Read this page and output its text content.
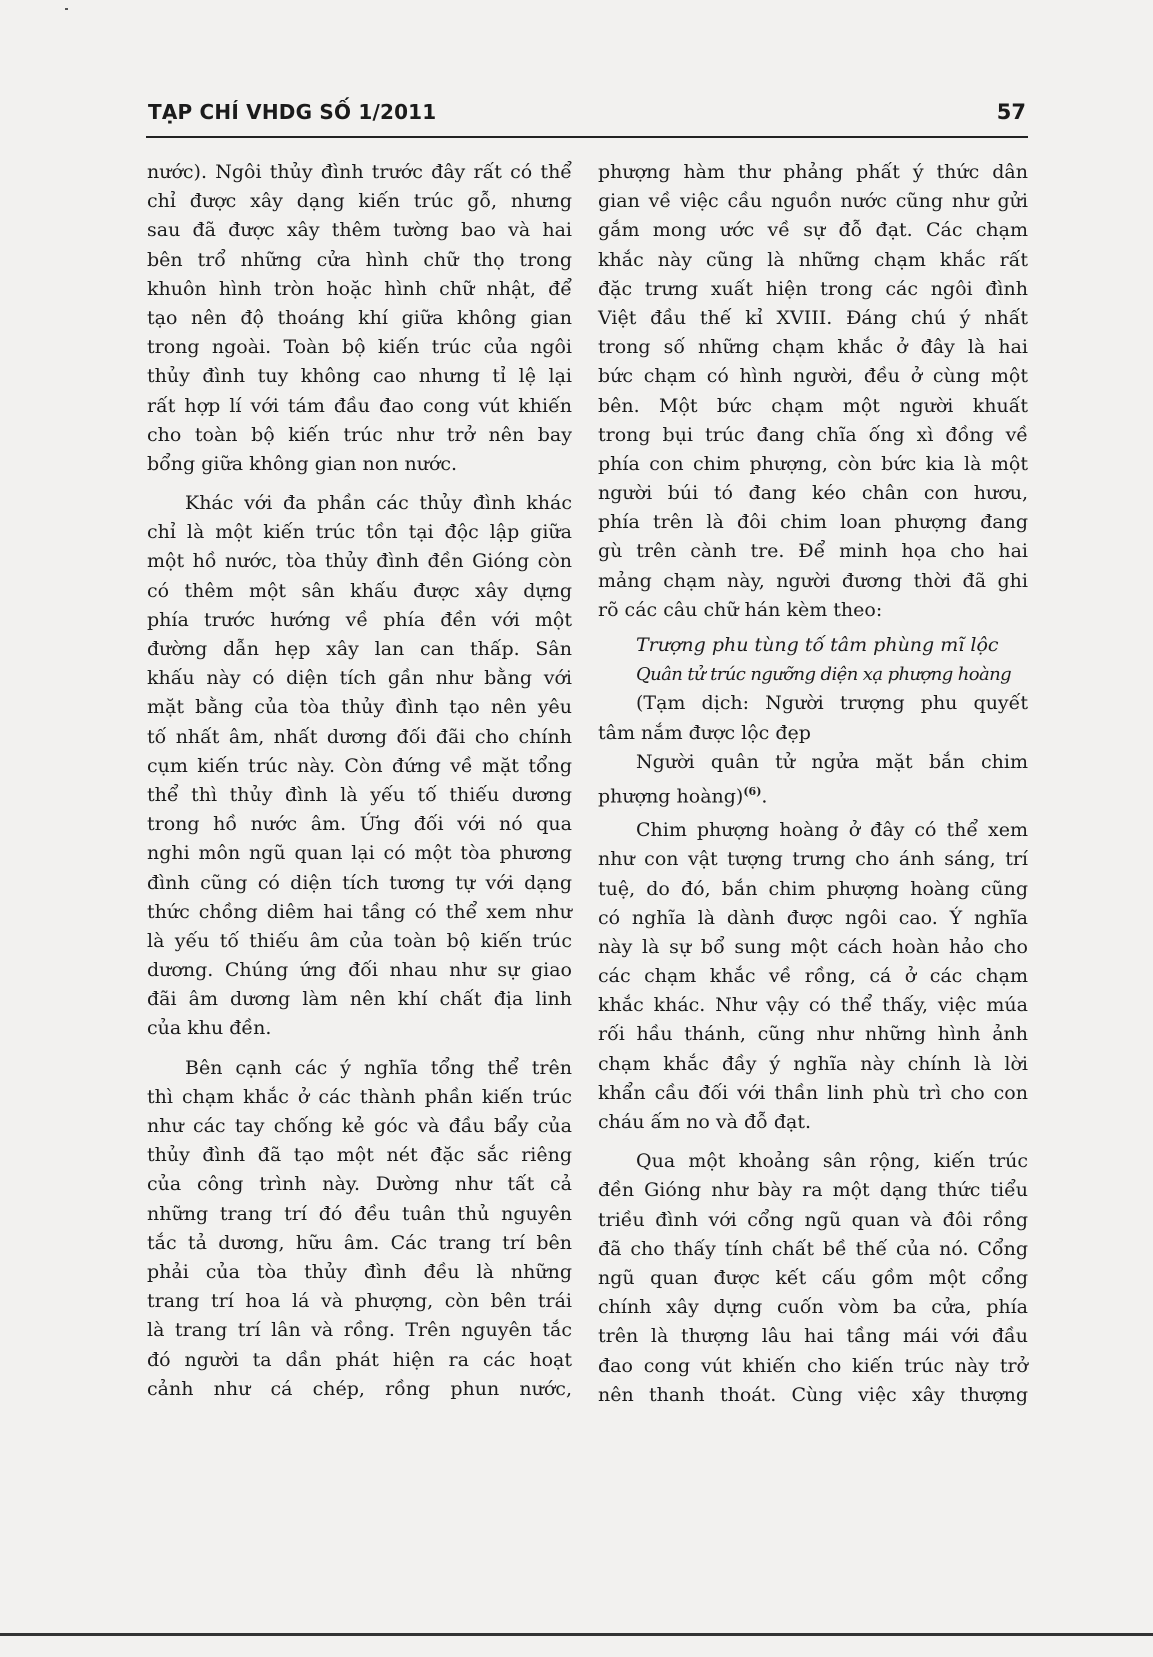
TẠP CHÍ VHDG SỐ 1/2011	57
nước). Ngôi thủy đình trước đây rất có thể
chỉ được xây dạng kiến trúc gỗ, nhưng
sau đã được xây thêm tường bao và hai
bên trổ những cửa hình chữ thọ trong
khuôn hình tròn hoặc hình chữ nhật, để
tạo nên độ thoáng khí giữa không gian
trong ngoài. Toàn bộ kiến trúc của ngôi
thủy đình tuy không cao nhưng tỉ lệ lại
rất hợp lí với tám đầu đao cong vút khiến
cho toàn bộ kiến trúc như trở nên bay
bổng giữa không gian non nước.
Khác với đa phần các thủy đình khác
chỉ là một kiến trúc tồn tại độc lập giữa
một hồ nước, tòa thủy đình đền Gióng còn
có thêm một sân khấu được xây dựng
phía trước hướng về phía đền với một
đường dẫn hẹp xây lan can thấp. Sân
khấu này có diện tích gần như bằng với
mặt bằng của tòa thủy đình tạo nên yêu
tố nhất âm, nhất dương đối đãi cho chính
cụm kiến trúc này. Còn đứng về mặt tổng
thể thì thủy đình là yếu tố thiếu dương
trong hồ nước âm. Ứng đối với nó qua
nghi môn ngũ quan lại có một tòa phương
đình cũng có diện tích tương tự với dạng
thức chồng diêm hai tầng có thể xem như
là yếu tố thiếu âm của toàn bộ kiến trúc
dương. Chúng ứng đối nhau như sự giao
đãi âm dương làm nên khí chất địa linh
của khu đền.
Bên cạnh các ý nghĩa tổng thể trên
thì chạm khắc ở các thành phần kiến trúc
như các tay chống kẻ góc và đầu bẩy của
thủy đình đã tạo một nét đặc sắc riêng
của công trình này. Dường như tất cả
những trang trí đó đều tuân thủ nguyên
tắc tả dương, hữu âm. Các trang trí bên
phải của tòa thủy đình đều là những
trang trí hoa lá và phượng, còn bên trái
là trang trí lân và rồng. Trên nguyên tắc
đó người ta dần phát hiện ra các hoạt
cảnh như cá chép, rồng phun nước,
phượng hàm thư phảng phất ý thức dân
gian về việc cầu nguồn nước cũng như gửi
gắm mong ước về sự đỗ đạt. Các chạm
khắc này cũng là những chạm khắc rất
đặc trưng xuất hiện trong các ngôi đình
Việt đầu thế kỉ XVIII. Đáng chú ý nhất
trong số những chạm khắc ở đây là hai
bức chạm có hình người, đều ở cùng một
bên. Một bức chạm một người khuất
trong bụi trúc đang chĩa ống xì đồng về
phía con chim phượng, còn bức kia là một
người búi tó đang kéo chân con hươu,
phía trên là đôi chim loan phượng đang
gù trên cành tre. Để minh họa cho hai
mảng chạm này, người đương thời đã ghi
rõ các câu chữ hán kèm theo:
Trượng phu tùng tố tâm phùng mĩ lộc
Quân tử trúc ngưỡng diện xạ phượng hoàng
(Tạm dịch: Người trượng phu quyết
tâm nắm được lộc đẹp
Người quân tử ngửa mặt bắn chim
phượng hoàng)$^{(6)}$.
Chim phượng hoàng ở đây có thể xem
như con vật tượng trưng cho ánh sáng, trí
tuệ, do đó, bắn chim phượng hoàng cũng
có nghĩa là dành được ngôi cao. Ý nghĩa
này là sự bổ sung một cách hoàn hảo cho
các chạm khắc về rồng, cá ở các chạm
khắc khác. Như vậy có thể thấy, việc múa
rối hầu thánh, cũng như những hình ảnh
chạm khắc đầy ý nghĩa này chính là lời
khẩn cầu đối với thần linh phù trì cho con
cháu ấm no và đỗ đạt.
Qua một khoảng sân rộng, kiến trúc
đền Gióng như bày ra một dạng thức tiểu
triều đình với cổng ngũ quan và đôi rồng
đã cho thấy tính chất bề thế của nó. Cổng
ngũ quan được kết cấu gồm một cổng
chính xây dựng cuốn vòm ba cửa, phía
trên là thượng lâu hai tầng mái với đầu
đao cong vút khiến cho kiến trúc này trở
nên thanh thoát. Cùng việc xây thượng
